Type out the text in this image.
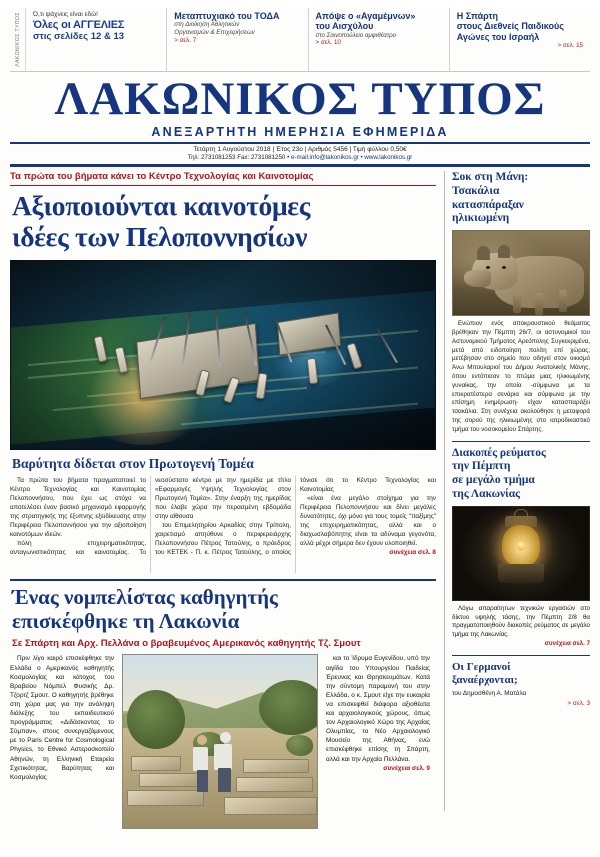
ΛΑΚΩΝΙΚΟΣ ΤΥΠΟΣ Ό,τι ψάχνεις είναι εδώ!
Όλες οι ΑΓΓΕΛΙΕΣ
στις σελίδες 12 & 13
Μεταπτυχιακό του ΤΟΔΑ
στη Διοίκηση Αθλητικών
Οργανισμών & Επιχειρήσεων
> σελ. 7
Απόψε ο «Αγαμέμνων»
του Αισχύλου
στο Σαινοπούλειο αμφιθέατρο
> σελ. 10
Η Σπάρτη
στους Διεθνείς Παιδικούς
Αγώνες του Ισραήλ
> σελ. 15
ΛΑΚΩΝΙΚΟΣ ΤΥΠΟΣ
ΑΝΕΞΑΡΤΗΤΗ ΗΜΕΡΗΣΙΑ ΕΦΗΜΕΡΙΔΑ
Τετάρτη 1 Αυγούστου 2018 | Έτος 23ο | Αριθμός 5456 | Τιμή φύλλου 0,50€
Τηλ: 2731081253 Fax: 2731081250 • e-mail:info@lakonikos.gr • www.lakonikos.gr
Τα πρώτα του βήματα κάνει το Κέντρο Τεχνολογίας και Καινοτομίας
Αξιοποιούνται καινοτόμες
ιδέες των Πελοποννησίων
Βαρύτητα δίδεται στον Πρωτογενή Τομέα

Τα πρώτα του βήματα πραγματοποιεί το Κέντρο Τεχνολογίας και Καινοτομίας Πελοποννήσου, που έχει ως στόχο να αποτελέσει έναν βασικό μηχανισμό εφαρμογής της στρατηγικής της έξυπνης εξειδίκευσης στην Περιφέρεια Πελοποννήσου για την αξιοποίηση καινοτόμων ιδεών.

πόλη επιχειρηματικότητας, ανταγωνιστικότητας και καινοτομίας. Το νεοσύστατο κέντρο με την ημερίδα με τίτλο «Εφαρμογές Υψηλής Τεχνολογίας στον Πρωτογενή Τομέα». Στην έναρξη της ημερίδας που έλαβε χώρα την περασμένη εβδομάδα στην αίθουσα

του Επιμελητηρίου Αρκαδίας στην Τρίπολη, χαιρετισμό απηύθυνε ο περιφερειάρχης Πελοποννήσου Πέτρος Τατούλης, ο πρόεδρος του ΚΕΤΕΚ - Π. κ. Πέτρος Τατούλης, ο οποίος τόνισε ότι το Κέντρο Τεχνολογίας και Καινοτομίας

«είναι ένα μεγάλο στοίχημα για την Περιφέρεια Πελοποννήσου και δίνει μεγάλες δυνατότητες, όχι μόνο για τους τομείς "παξίμης" της επιχειρηματικότητας, αλλά και ο διαχωσλαβόπητης είναι τα αδύναμα γεγονότα, αλλά μέχρι σήμερα δεν έχουν υλοποιηθεί.

συνέχεια σελ. 8

Ένας νομπελίστας καθηγητής
επισκέφθηκε τη Λακωνία
Σε Σπάρτη και Αρχ. Πελλάνα ο βραβευμένος Αμερικανός καθηγητής Τζ. Σμουτ

Πριν λίγο καιρό επισκέφθηκε την Ελλάδα ο Αμερικανός καθηγητής Κοσμολογίας και κάτοχος του Βραβείου Νόμπελ Φυσικής Δρ. Τζορτζ Σμουτ. Ο καθηγητής βρέθηκε στη χώρα μας για την ανάληψη διάλεξης του εκπαιδευτικού προγράμματος «Διδάσκοντας το Σύμπαν», στους συνεργαζόμενους με το Paris Centre for Cosmological Physics, το Εθνικό Αστεροσκοπείο Αθηνών, τη Ελληνική Εταιρεία Σχετικότητας, Βαρύτητας και Κοσμολογίας

και το Ίδρυμα Ευγενίδου, υπό την αιγίδα του Υπουργείου Παιδείας Έρευνας και Θρησκευμάτων. Κατά την σύντομη παραμονή του στην Ελλάδα, ο κ. Σμουτ είχε την ευκαιρία να επισκεφθεί διάφορα αξιοθέατα και αρχαιολογικούς χώρους, όπως τον Αρχαιολογικό Χώρο της Αρχαίας Ολυμπίας, το Νέο Αρχαιολογικό Μουσείο της Αθήνας, ενώ επισκέφθηκε επίσης τη Σπάρτη, αλλά και την Αρχαία Πελλάνα.

συνέχεια σελ. 9

Σοκ στη Μάνη:
Τσακάλια
κατασπάραξαν
ηλικιωμένη

Ενώπιον ενός αποκρουστικού θεάματος βρέθηκαν την Πέμπτη 26/7, οι αστυνομικοί του Αστυνομικού Τμήματος Αρεόπολης Συγκεκριμένα, μετά από ειδοποίηση πολίτη επί χώρας, μετέβησαν στο σημείο που οδηγεί στον οικισμό Άνω Μπουλαριοί του Δήμου Ανατολικής Μάνης, όπου εντόπισαν το πτώμα μιας ηλικιωμένης γυναίκας, την οποία -σύμφωνα με τα επικρατέστερα σενάρια και σύμφωνα με την επίσημη ενημέρωση- είχαν κατασπαράξει τσακάλια. Στη συνέχεια ακολούθησε η μεταφορά της σορού της ηλικιωμένης στο ιατροδικαστικό τμήμα του νοσοκομείου Σπάρτης.

Διακοπές ρεύματος
την Πέμπτη
σε μεγάλο τμήμα
της Λακωνίας

Λόγω απαραίτητων τεχνικών εργασιών στο δίκτυο υψηλής τάσης, την Πέμπτη 2/8 θα πραγματοποιηθούν διακοπές ρεύματος σε μεγάλο τμήμα της Λακωνίας.

συνέχεια σελ. 7

Οι Γερμανοί
ξαναέρχονται;
του Δημοσθένη Α. Ματάλα
> σελ. 3
